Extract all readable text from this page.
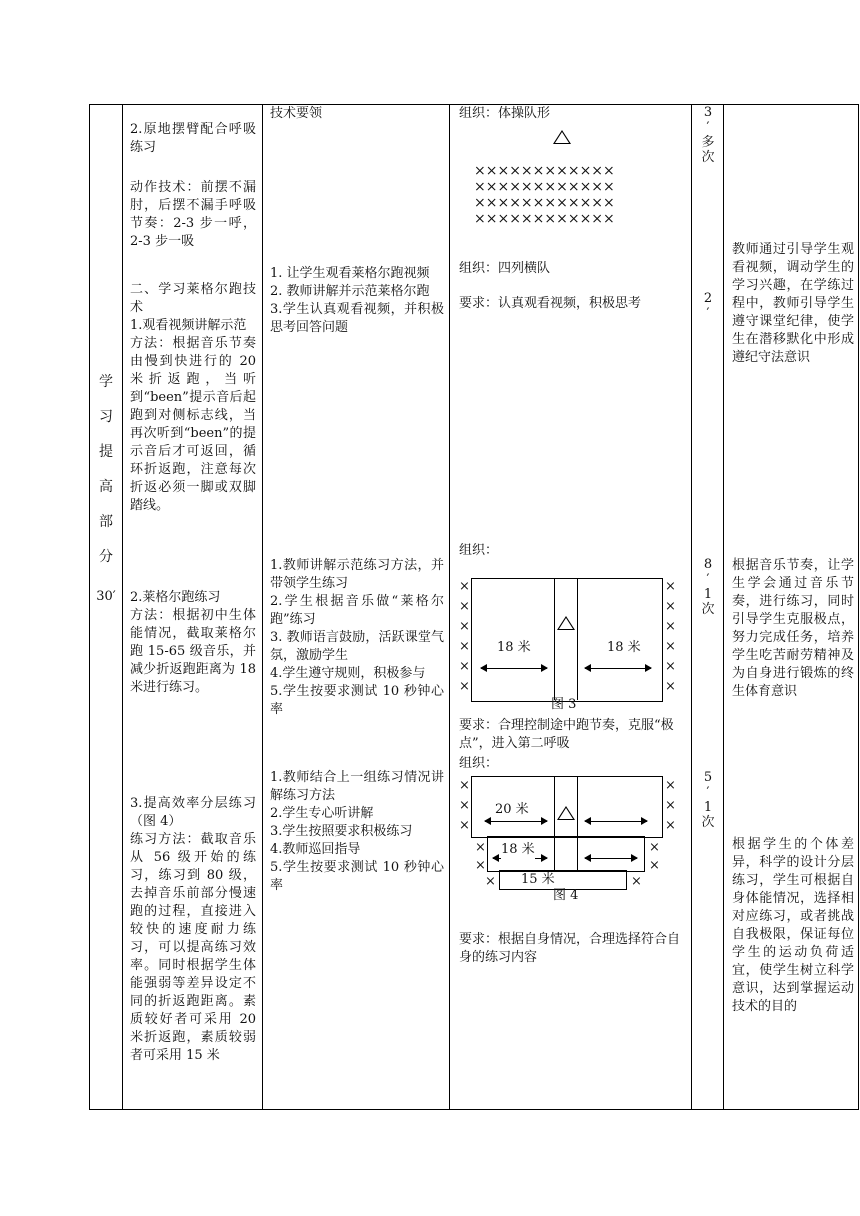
学
习
提
高
部
分
30′
2.原地摆臂配合呼吸练习
动作技术：前摆不漏肘，后摆不漏手呼吸节奏：2-3 步一呼，2-3 步一吸
二、学习莱格尔跑技术
1.观看视频讲解示范
方法：根据音乐节奏由慢到快进行的 20 米折返跑，当听到“been”提示音后起跑到对侧标志线，当再次听到“been”的提示音后才可返回，循环折返跑，注意每次折返必须一脚或双脚踏线。
2.莱格尔跑练习
方法：根据初中生体能情况，截取莱格尔跑 15-65 级音乐，并减少折返跑距离为 18 米进行练习。
3.提高效率分层练习（图 4）
练习方法：截取音乐从 56 级开始的练习，练习到 80 级，去掉音乐前部分慢速跑的过程，直接进入较快的速度耐力练习，可以提高练习效率。同时根据学生体能强弱等差异设定不同的折返跑距离。素质较好者可采用 20 米折返跑，素质较弱者可采用 15 米
技术要领
1. 让学生观看莱格尔跑视频
2. 教师讲解并示范莱格尔跑
3.学生认真观看视频，并积极思考回答问题
1.教师讲解示范练习方法，并带领学生练习
2.学生根据音乐做“莱格尔跑”练习
3. 教师语言鼓励，活跃课堂气氛，激励学生
4.学生遵守规则，积极参与
5.学生按要求测试 10 秒钟心率
1.教师结合上一组练习情况讲解练习方法
2.学生专心听讲解
3.学生按照要求积极练习
4.教师巡回指导
5.学生按要求测试 10 秒钟心率
组织：体操队形
××××××××××××
××××××××××××
××××××××××××
××××××××××××
组织：四列横队
要求：认真观看视频，积极思考
组织：
18 米	18 米
图 3
×
×
×
×
×
×
×
×
×
×
×
×
要求：合理控制途中跑节奏，克服“极点”，进入第二呼吸
组织：
20 米
18 米
15 米
图 4
×
×
×
×
×
×
×
×
×
×
×	×
要求：根据自身情况，合理选择符合自身的练习内容
3
′
多
次
2
′
8
′
1
次
5
′
1
次
教师通过引导学生观看视频，调动学生的学习兴趣，在学练过程中，教师引导学生遵守课堂纪律，使学生在潜移默化中形成遵纪守法意识
根据音乐节奏，让学生学会通过音乐节奏，进行练习，同时引导学生克服极点，努力完成任务，培养学生吃苦耐劳精神及为自身进行锻炼的终生体育意识
根据学生的个体差异，科学的设计分层练习，学生可根据自身体能情况，选择相对应练习，或者挑战自我极限，保证每位学生的运动负荷适宜，使学生树立科学意识，达到掌握运动技术的目的
